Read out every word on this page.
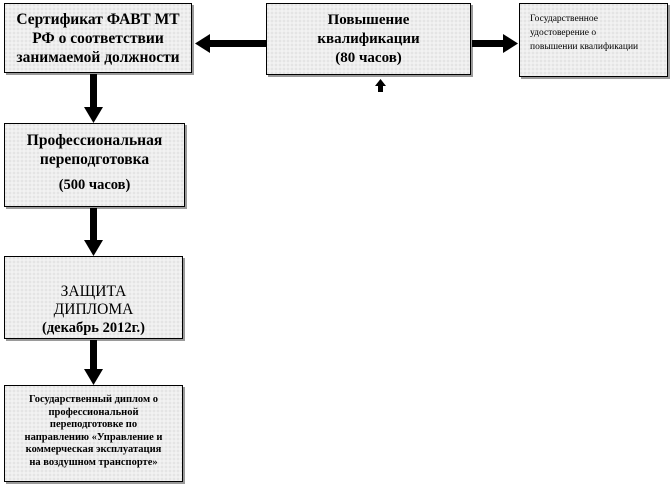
Сертификат ФАВТ МТ
РФ о соответствии
занимаемой должности
Повышение
квалификации
(80 часов)
Государственное
удостоверение о
повышении квалификации
Профессиональная
переподготовка
(500 часов)
ЗАЩИТА
ДИПЛОМА
(декабрь 2012г.)
Государственный диплом о
профессиональной
переподготовке по
направлению «Управление и
коммерческая эксплуатация
на воздушном транспорте»
